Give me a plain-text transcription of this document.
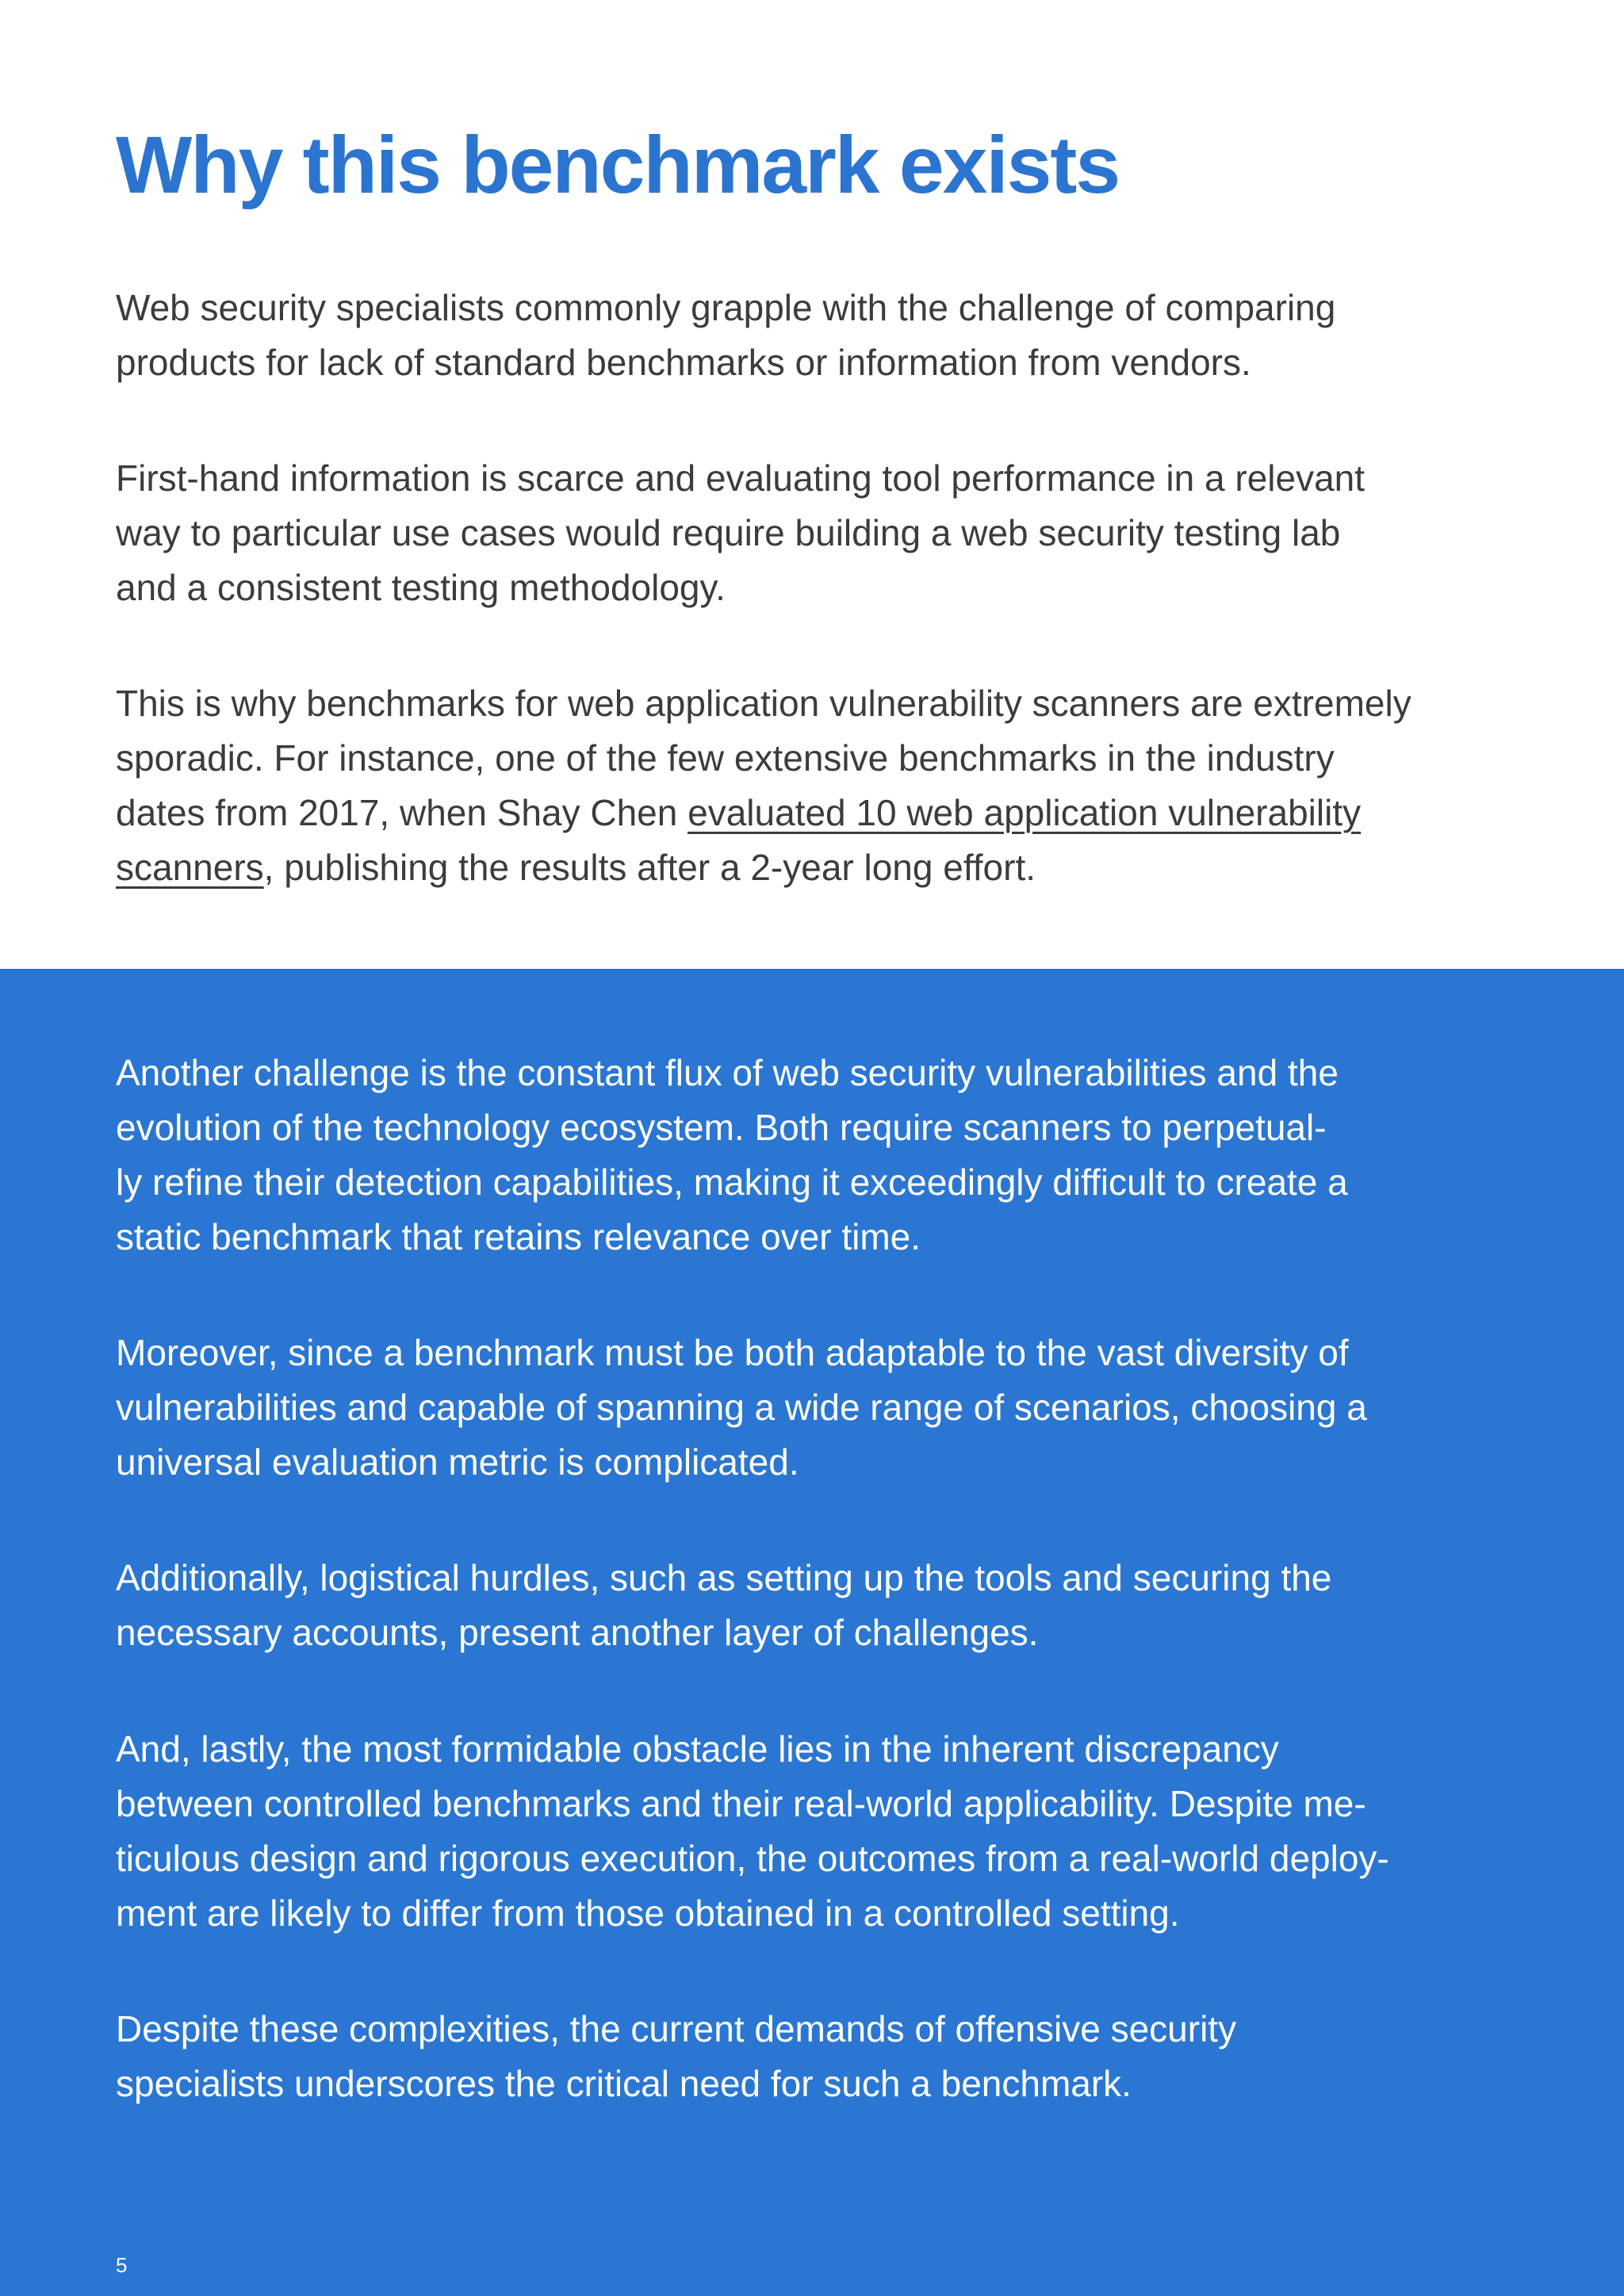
Why this benchmark exists

Web security specialists commonly grapple with the challenge of comparing
products for lack of standard benchmarks or information from vendors.

First-hand information is scarce and evaluating tool performance in a relevant
way to particular use cases would require building a web security testing lab
and a consistent testing methodology.

This is why benchmarks for web application vulnerability scanners are extremely
sporadic. For instance, one of the few extensive benchmarks in the industry
dates from 2017, when Shay Chen evaluated 10 web application vulnerability
scanners, publishing the results after a 2-year long effort.

Another challenge is the constant flux of web security vulnerabilities and the
evolution of the technology ecosystem. Both require scanners to perpetual-
ly refine their detection capabilities, making it exceedingly difficult to create a
static benchmark that retains relevance over time.

Moreover, since a benchmark must be both adaptable to the vast diversity of
vulnerabilities and capable of spanning a wide range of scenarios, choosing a
universal evaluation metric is complicated.

Additionally, logistical hurdles, such as setting up the tools and securing the
necessary accounts, present another layer of challenges.

And, lastly, the most formidable obstacle lies in the inherent discrepancy
between controlled benchmarks and their real-world applicability. Despite me-
ticulous design and rigorous execution, the outcomes from a real-world deploy-
ment are likely to differ from those obtained in a controlled setting.

Despite these complexities, the current demands of offensive security
specialists underscores the critical need for such a benchmark.

5
